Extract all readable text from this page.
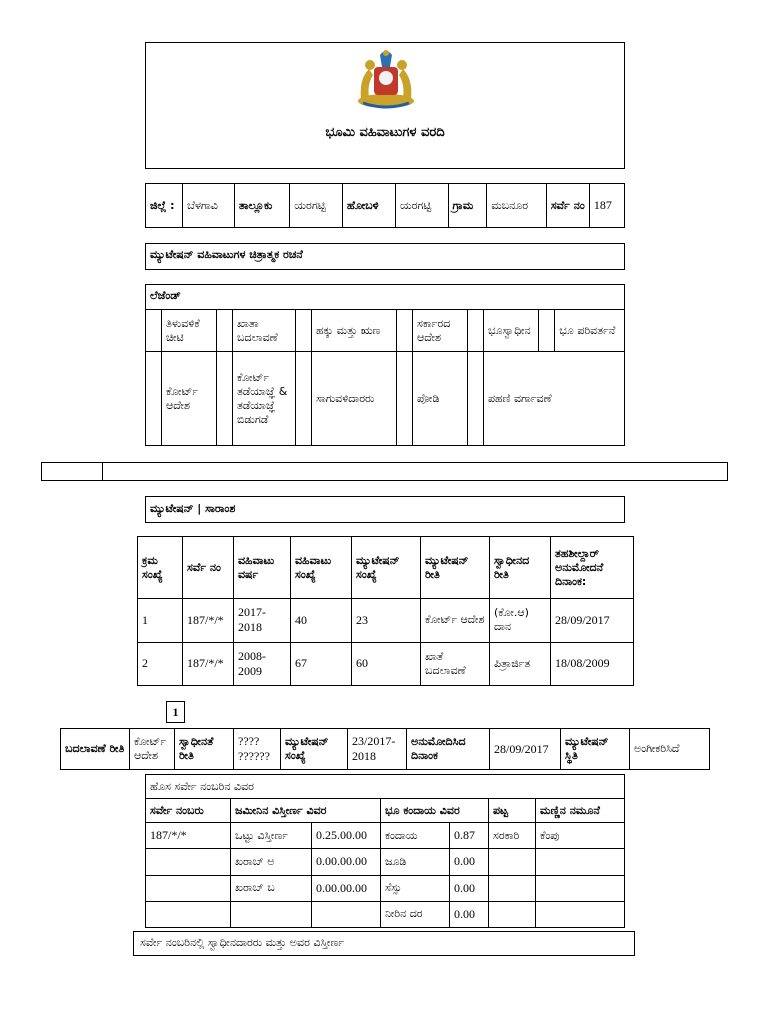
ಭೂಮಿ ವಹಿವಾಟುಗಳ ವರದಿ
ಜಿಲ್ಲೆ :	ಬೆಳಗಾವಿ	ತಾಲ್ಲೂಕು	ಯರಗಟ್ಟಿ	ಹೋಬಳಿ	ಯರಗಟ್ಟಿ	ಗ್ರಾಮ	ಮಬನೂರ	ಸರ್ವೆ ನಂ	187
ಮ್ಯುಟೇಷನ್ ವಹಿವಾಟುಗಳ ಚಿತ್ರಾತ್ಮಕ ರಚನೆ
ಲೆಜೆಂಡ್
	ತಿಳುವಳಿಕೆ ಚೀಟಿ		ಖಾತಾ ಬದಲಾವಣೆ		ಹಕ್ಕು ಮತ್ತು ಋಣ		ಸರ್ಕಾರದ ಆದೇಶ		ಭೂಸ್ವಾಧೀನ		ಭೂ ಪರಿವರ್ತನೆ
	ಕೋರ್ಟ್ ಆದೇಶ		ಕೋರ್ಟ್ ತಡೆಯಾಜ್ಞೆ & ತಡೆಯಾಜ್ಞೆ ಬಿಡುಗಡೆ		ಸಾಗುವಳಿದಾರರು		ಪೋಡಿ		ಪಹಣಿ ವರ್ಗಾವಣೆ		
ಮ್ಯುಟೇಷನ್ | ಸಾರಾಂಶ
ಕ್ರಮ ಸಂಖ್ಯೆ	ಸರ್ವೆ ನಂ	ವಹಿವಾಟು ವರ್ಷ	ವಹಿವಾಟು ಸಂಖ್ಯೆ	ಮ್ಯುಟೇಷನ್ ಸಂಖ್ಯೆ	ಮ್ಯುಟೇಷನ್ ರೀತಿ	ಸ್ವಾಧೀನದ ರೀತಿ	ತಹಶೀಲ್ದಾರ್ ಅನುಮೋದನೆ ದಿನಾಂಕ:
1	187/*/*	2017-2018	40	23	ಕೋರ್ಟ್ ಆದೇಶ	(ಕೋ.ಆ) ದಾನ	28/09/2017
2	187/*/*	2008-2009	67	60	ಖಾತೆ ಬದಲಾವಣೆ	ಪಿತ್ರಾರ್ಜಿತ	18/08/2009
1
ಬದಲಾವಣೆ ರೀತಿ	ಕೋರ್ಟ್ ಆದೇಶ	ಸ್ವಾಧೀನತೆ ರೀತಿ	???? ??????	ಮ್ಯುಟೇಷನ್ ಸಂಖ್ಯೆ	23/2017-2018	ಅನುಮೋದಿಸಿದ ದಿನಾಂಕ	28/09/2017	ಮ್ಯುಟೇಷನ್ ಸ್ಥಿತಿ	ಅಂಗೀಕರಿಸಿದೆ
ಹೊಸ ಸರ್ವೇ ನಂಬರಿನ ವಿವರ						
ಸರ್ವೇ ನಂಬರು	ಜಮೀನಿನ ವಿಸ್ತೀರ್ಣ ವಿವರ		ಭೂ ಕಂದಾಯ ವಿವರ		ಪಟ್ಟ	ಮಣ್ಣಿನ ನಮೂನೆ
187/*/*	ಒಟ್ಟು ವಿಸ್ತೀರ್ಣ	0.25.00.00	ಕಂದಾಯ	0.87	ಸರಕಾರಿ	ಕೆಂಪು
	ಖರಾಬ್ ಅ	0.00.00.00	ಜೂಡಿ	0.00		
	ಖರಾಬ್ ಬ	0.00.00.00	ಸೆಸ್ಸು	0.00		
			ನೀರಿನ ದರ	0.00		
ಸರ್ವೇ ನಂಬರಿನಲ್ಲಿ ಸ್ವಾಧೀನದಾರರು ಮತ್ತು ಅವರ ವಿಸ್ತೀರ್ಣ
